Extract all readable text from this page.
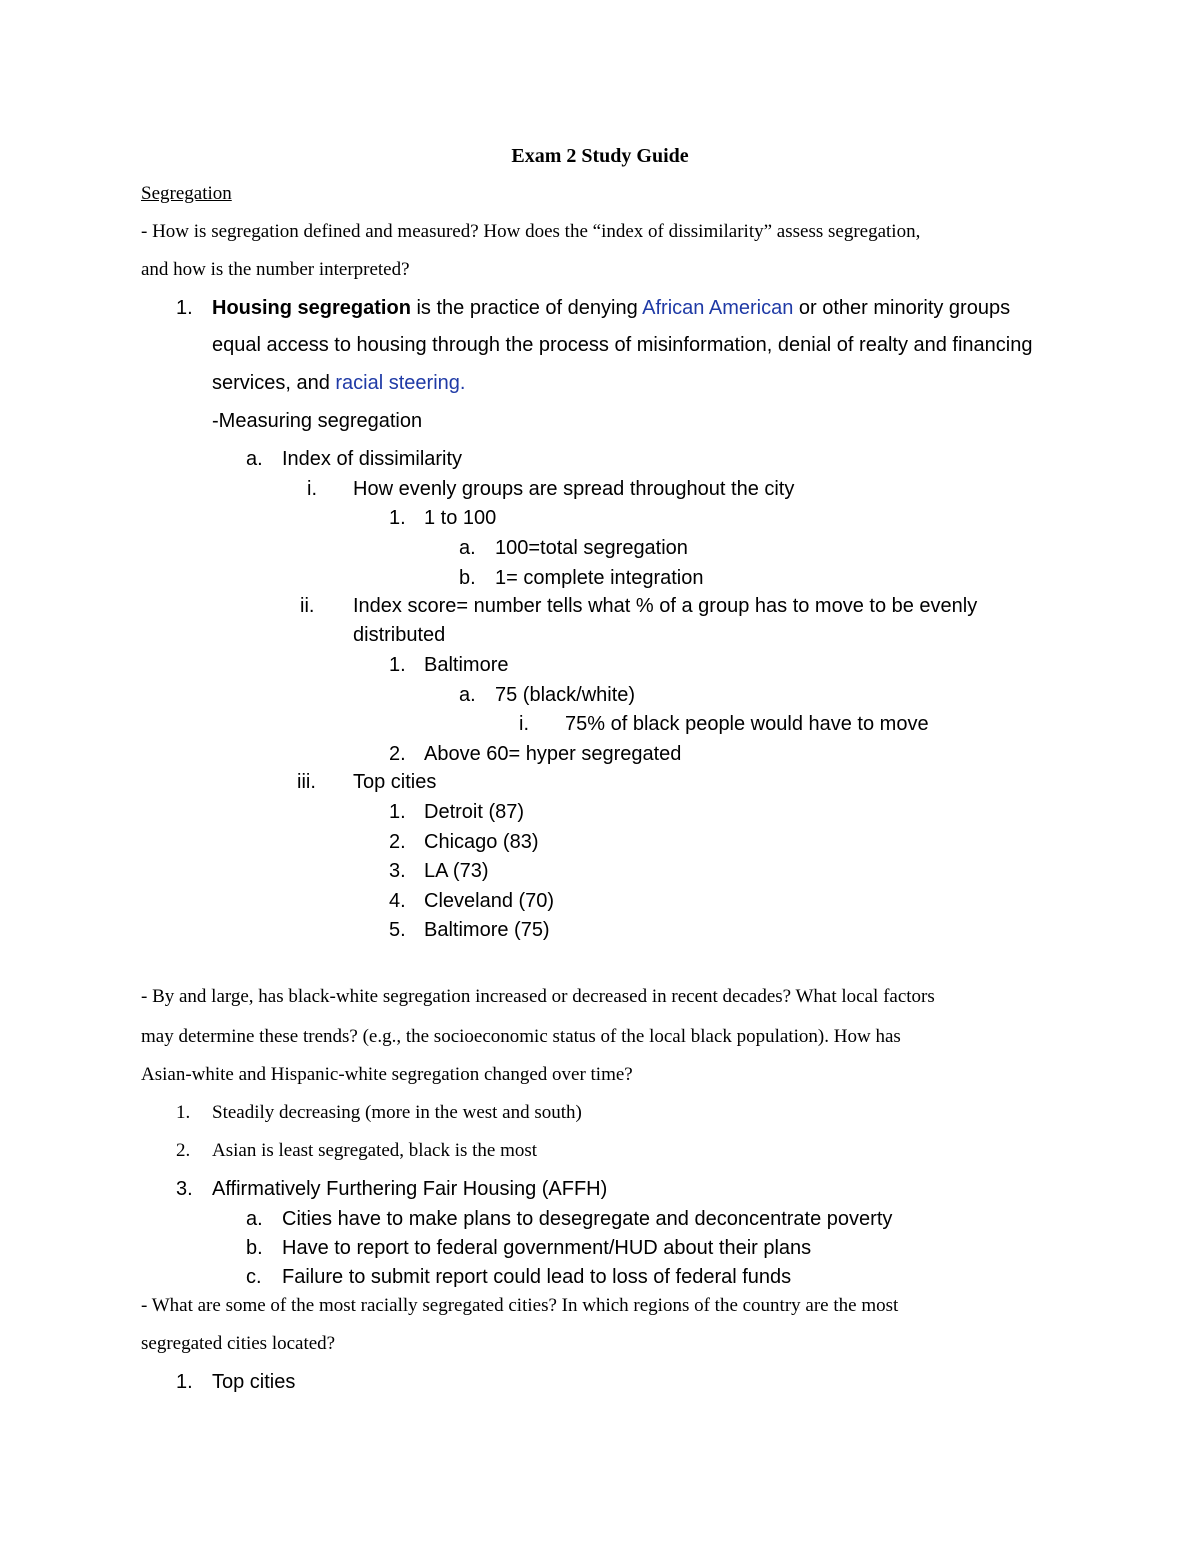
Exam 2 Study Guide
Segregation
- How is segregation defined and measured? How does the “index of dissimilarity” assess segregation,
and how is the number interpreted?
1. Housing segregation is the practice of denying African American or other minority groups
equal access to housing through the process of misinformation, denial of realty and financing
services, and racial steering.
-Measuring segregation
a. Index of dissimilarity
i. How evenly groups are spread throughout the city
1. 1 to 100
a. 100=total segregation
b. 1= complete integration
ii. Index score= number tells what % of a group has to move to be evenly
distributed
1. Baltimore
a. 75 (black/white)
i. 75% of black people would have to move
2. Above 60= hyper segregated
iii. Top cities
1. Detroit (87)
2. Chicago (83)
3. LA (73)
4. Cleveland (70)
5. Baltimore (75)
- By and large, has black-white segregation increased or decreased in recent decades? What local factors
may determine these trends? (e.g., the socioeconomic status of the local black population). How has
Asian-white and Hispanic-white segregation changed over time?
1. Steadily decreasing (more in the west and south)
2. Asian is least segregated, black is the most
3. Affirmatively Furthering Fair Housing (AFFH)
a. Cities have to make plans to desegregate and deconcentrate poverty
b. Have to report to federal government/HUD about their plans
c. Failure to submit report could lead to loss of federal funds
- What are some of the most racially segregated cities? In which regions of the country are the most
segregated cities located?
1. Top cities
